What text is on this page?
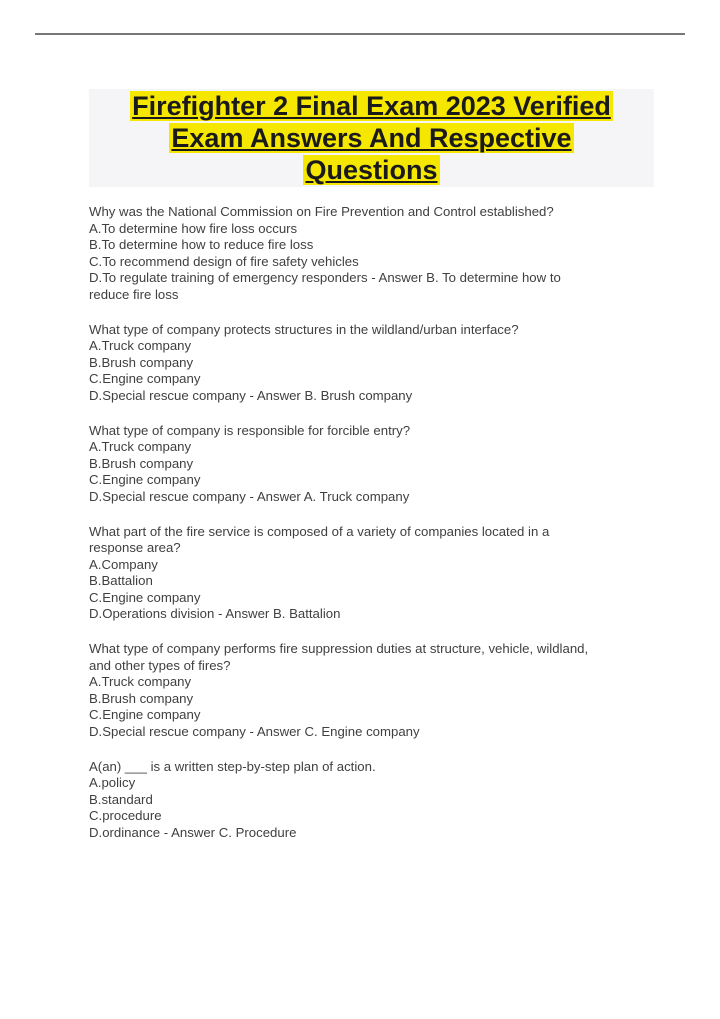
Firefighter 2 Final Exam 2023 Verified
Exam Answers And Respective
Questions
Why was the National Commission on Fire Prevention and Control established?
A.To determine how fire loss occurs
B.To determine how to reduce fire loss
C.To recommend design of fire safety vehicles
D.To regulate training of emergency responders - Answer B. To determine how to
reduce fire loss
What type of company protects structures in the wildland/urban interface?
A.Truck company
B.Brush company
C.Engine company
D.Special rescue company - Answer B. Brush company
What type of company is responsible for forcible entry?
A.Truck company
B.Brush company
C.Engine company
D.Special rescue company - Answer A. Truck company
What part of the fire service is composed of a variety of companies located in a
response area?
A.Company
B.Battalion
C.Engine company
D.Operations division - Answer B. Battalion
What type of company performs fire suppression duties at structure, vehicle, wildland,
and other types of fires?
A.Truck company
B.Brush company
C.Engine company
D.Special rescue company - Answer C. Engine company
A(an) ___ is a written step-by-step plan of action.
A.policy
B.standard
C.procedure
D.ordinance - Answer C. Procedure
